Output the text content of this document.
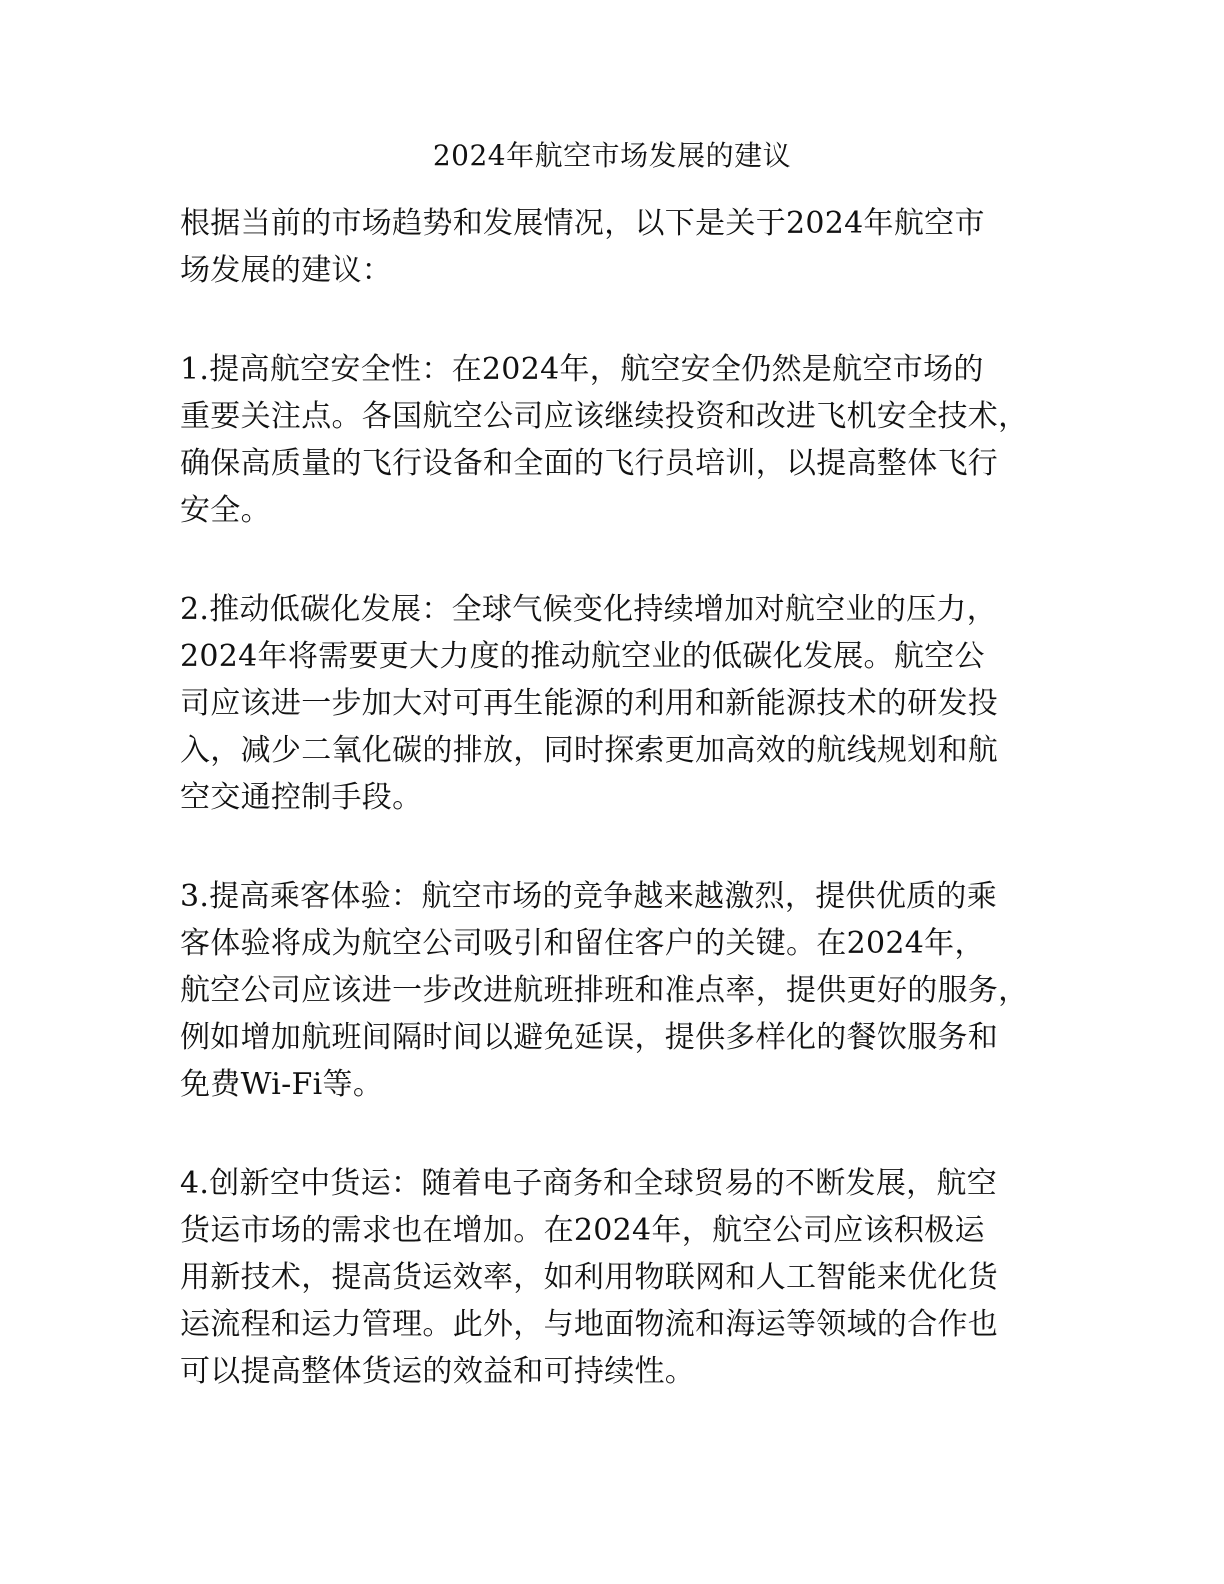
2024年航空市场发展的建议

根据当前的市场趋势和发展情况，以下是关于2024年航空市
场发展的建议：

1.提高航空安全性：在2024年，航空安全仍然是航空市场的
重要关注点。各国航空公司应该继续投资和改进飞机安全技术，
确保高质量的飞行设备和全面的飞行员培训，以提高整体飞行
安全。

2.推动低碳化发展：全球气候变化持续增加对航空业的压力，
2024年将需要更大力度的推动航空业的低碳化发展。航空公
司应该进一步加大对可再生能源的利用和新能源技术的研发投
入，减少二氧化碳的排放，同时探索更加高效的航线规划和航
空交通控制手段。

3.提高乘客体验：航空市场的竞争越来越激烈，提供优质的乘
客体验将成为航空公司吸引和留住客户的关键。在2024年，
航空公司应该进一步改进航班排班和准点率，提供更好的服务，
例如增加航班间隔时间以避免延误，提供多样化的餐饮服务和
免费Wi-Fi等。

4.创新空中货运：随着电子商务和全球贸易的不断发展，航空
货运市场的需求也在增加。在2024年，航空公司应该积极运
用新技术，提高货运效率，如利用物联网和人工智能来优化货
运流程和运力管理。此外，与地面物流和海运等领域的合作也
可以提高整体货运的效益和可持续性。
